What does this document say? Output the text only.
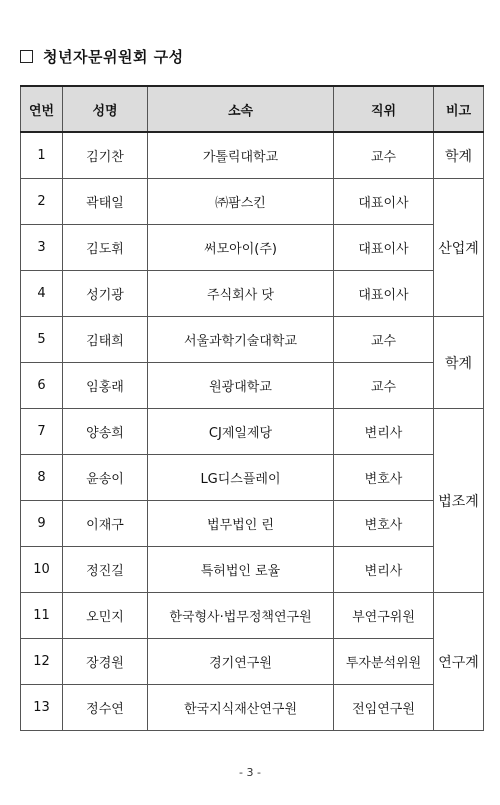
청년자문위원회 구성
연번	성명	소속	직위	비고
1	김기찬	가톨릭대학교	교수	학계
2	곽태일	㈜팜스킨	대표이사	산업계
3	김도휘	써모아이(주)	대표이사	
4	성기광	주식회사 닷	대표이사	
5	김태희	서울과학기술대학교	교수	학계
6	임홍래	원광대학교	교수	
7	양송희	CJ제일제당	변리사	법조계
8	윤송이	LG디스플레이	변호사	
9	이재구	법무법인 린	변호사	
10	정진길	특허법인 로율	변리사	
11	오민지	한국형사·법무정책연구원	부연구위원	연구계
12	장경원	경기연구원	투자분석위원	
13	정수연	한국지식재산연구원	전임연구원	
- 3 -
